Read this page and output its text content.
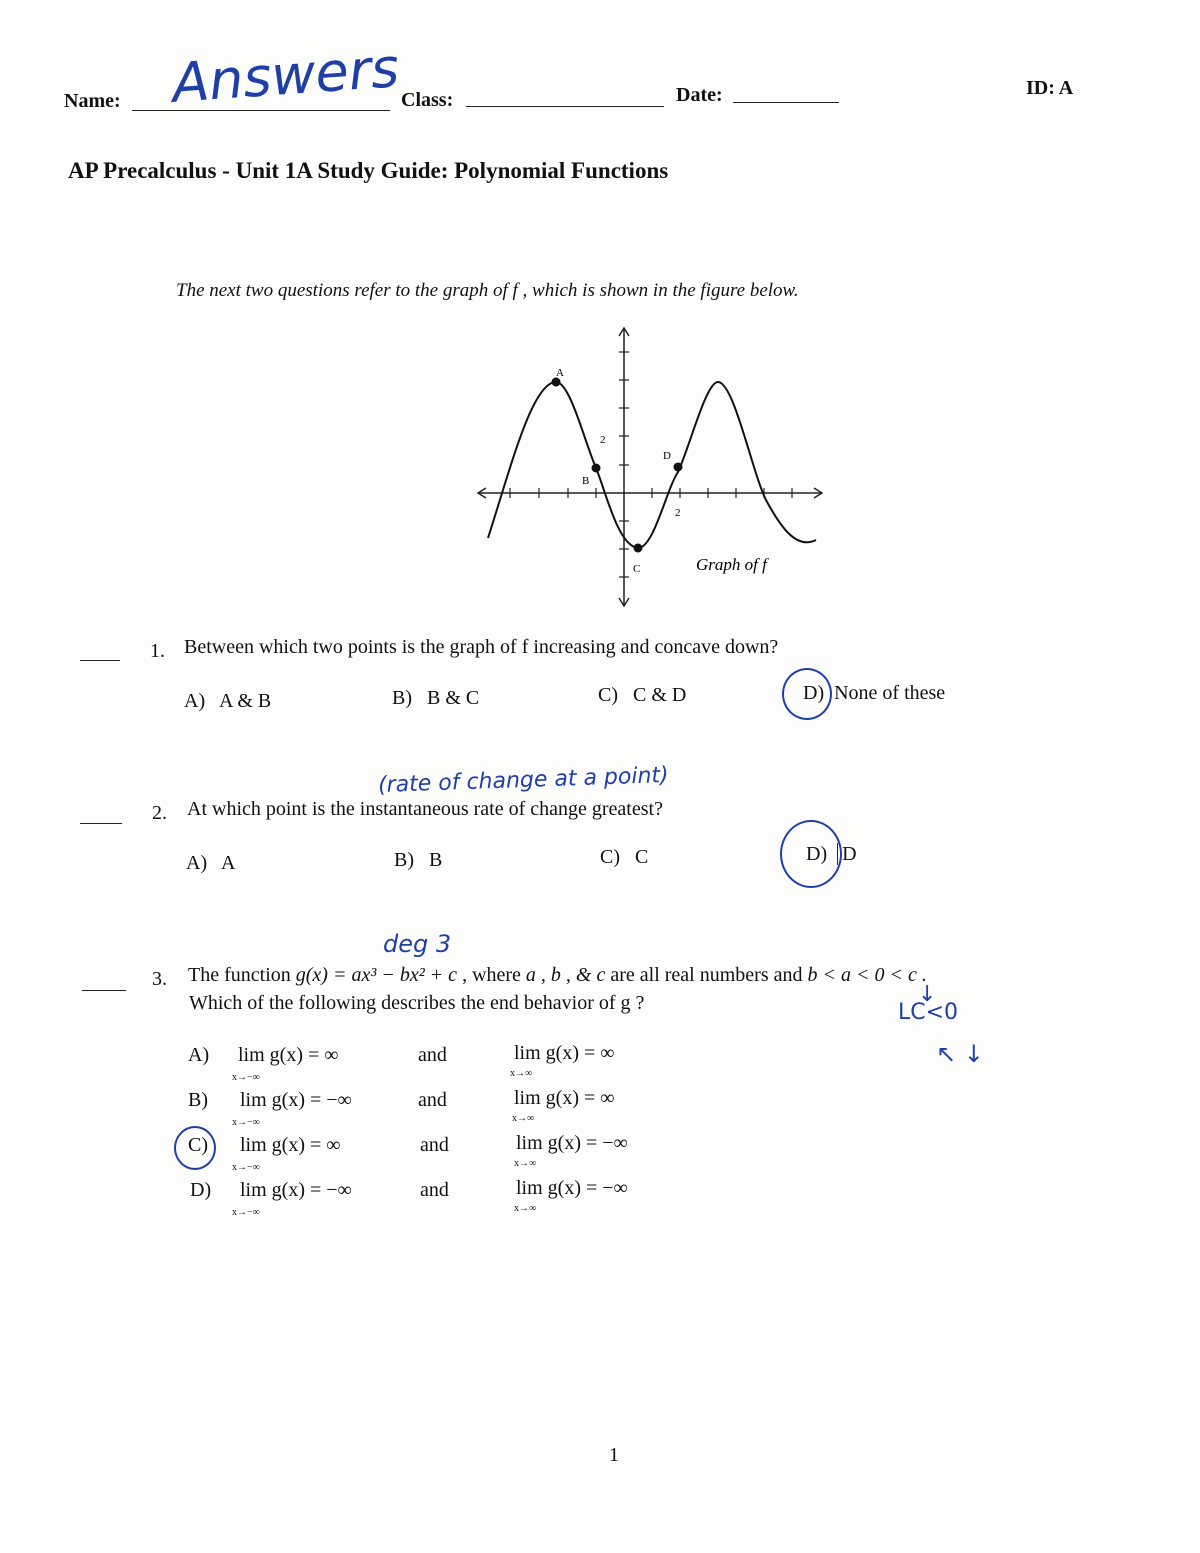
Name: Answers Class:	Date:	ID: A
AP Precalculus - Unit 1A Study Guide: Polynomial Functions
The next two questions refer to the graph of f , which is shown in the figure below.
2
2
A
B
C
D
Graph of f
1. Between which two points is the graph of f increasing and concave down?
A) A & B	B) B & C	C) C & D	D) None of these
(rate of change at a point)
2. At which point is the instantaneous rate of change greatest?
A) A	B) B	C) C	D) D
deg 3
3. The function g(x) = ax³ − bx² + c , where a , b , & c are all real numbers and b < a < 0 < c .
Which of the following describes the end behavior of g ?	↓
LC<0
↖ ↓
A) lim g(x) = ∞
x→−∞
and	lim g(x) = ∞
x→∞
B) lim g(x) = −∞
x→−∞
and	lim g(x) = ∞
x→∞
C) lim g(x) = ∞
x→−∞
and	lim g(x) = −∞
x→∞
D) lim g(x) = −∞
x→−∞
and	lim g(x) = −∞
x→∞
1
